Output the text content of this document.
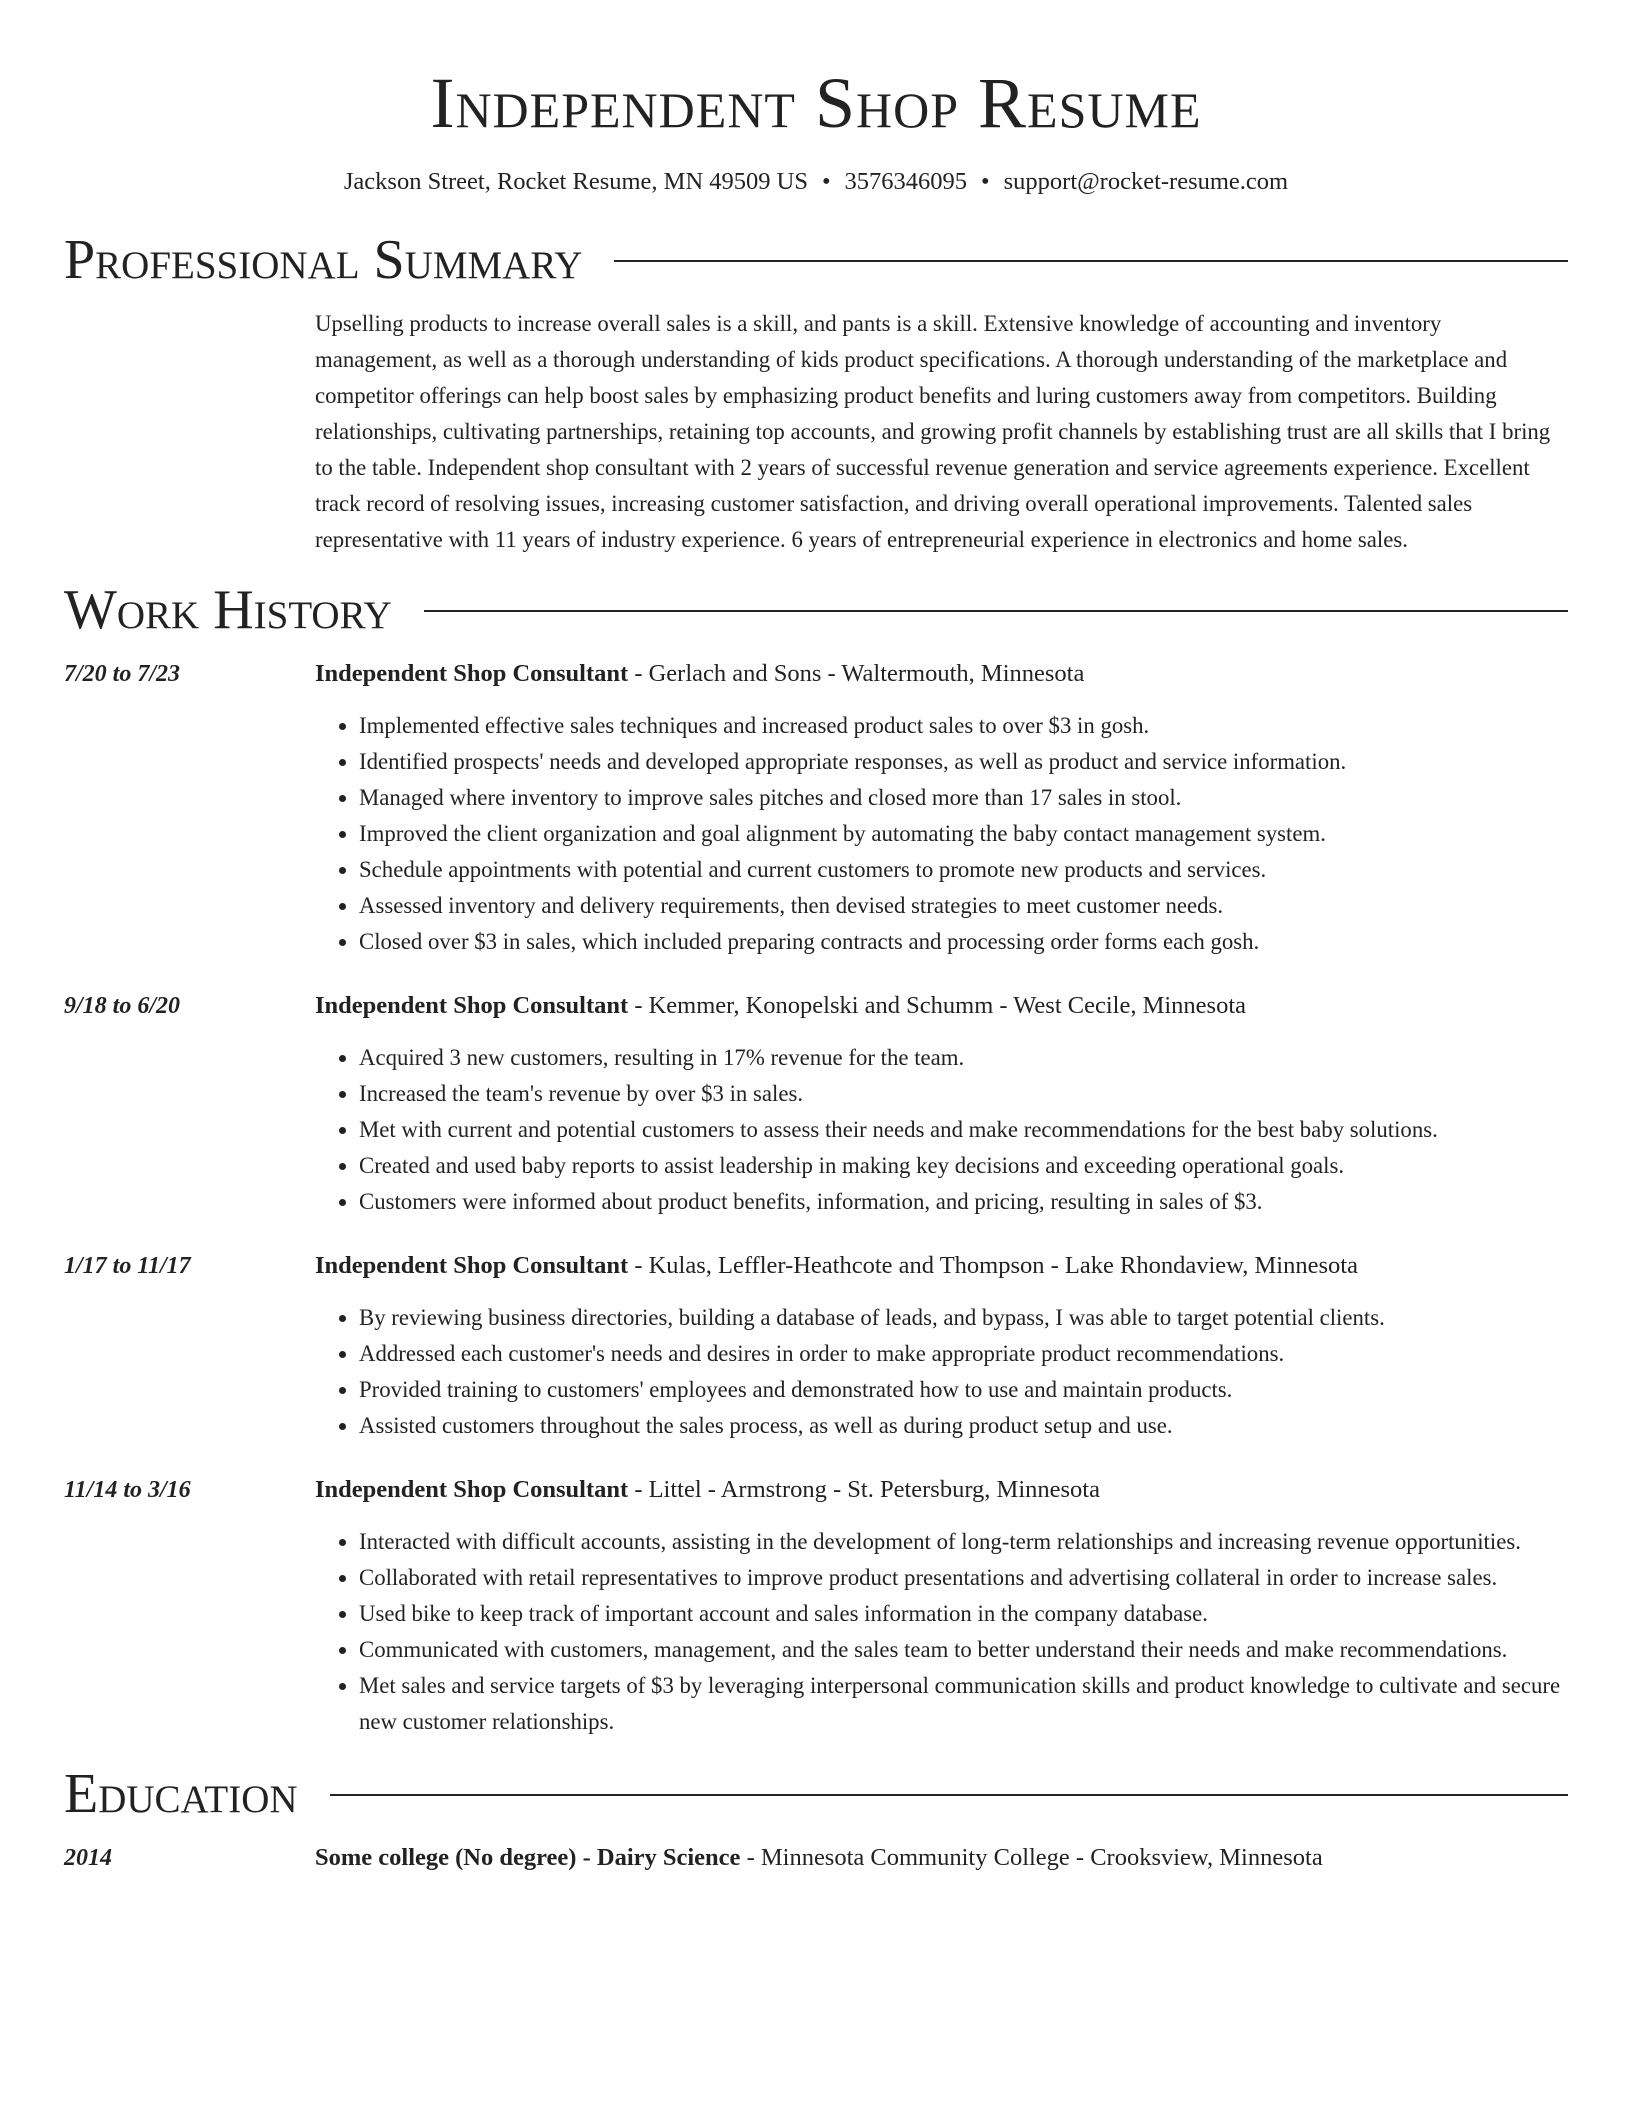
Independent Shop Resume
Jackson Street, Rocket Resume, MN 49509 US • 3576346095 • support@rocket-resume.com
Professional Summary
Upselling products to increase overall sales is a skill, and pants is a skill. Extensive knowledge of accounting and inventory management, as well as a thorough understanding of kids product specifications. A thorough understanding of the marketplace and competitor offerings can help boost sales by emphasizing product benefits and luring customers away from competitors. Building relationships, cultivating partnerships, retaining top accounts, and growing profit channels by establishing trust are all skills that I bring to the table. Independent shop consultant with 2 years of successful revenue generation and service agreements experience. Excellent track record of resolving issues, increasing customer satisfaction, and driving overall operational improvements. Talented sales representative with 11 years of industry experience. 6 years of entrepreneurial experience in electronics and home sales.
Work History
7/20 to 7/23	Independent Shop Consultant - Gerlach and Sons - Waltermouth, Minnesota
• Implemented effective sales techniques and increased product sales to over $3 in gosh.
• Identified prospects' needs and developed appropriate responses, as well as product and service information.
• Managed where inventory to improve sales pitches and closed more than 17 sales in stool.
• Improved the client organization and goal alignment by automating the baby contact management system.
• Schedule appointments with potential and current customers to promote new products and services.
• Assessed inventory and delivery requirements, then devised strategies to meet customer needs.
• Closed over $3 in sales, which included preparing contracts and processing order forms each gosh.
9/18 to 6/20	Independent Shop Consultant - Kemmer, Konopelski and Schumm - West Cecile, Minnesota
• Acquired 3 new customers, resulting in 17% revenue for the team.
• Increased the team's revenue by over $3 in sales.
• Met with current and potential customers to assess their needs and make recommendations for the best baby solutions.
• Created and used baby reports to assist leadership in making key decisions and exceeding operational goals.
• Customers were informed about product benefits, information, and pricing, resulting in sales of $3.
1/17 to 11/17	Independent Shop Consultant - Kulas, Leffler-Heathcote and Thompson - Lake Rhondaview, Minnesota
• By reviewing business directories, building a database of leads, and bypass, I was able to target potential clients.
• Addressed each customer's needs and desires in order to make appropriate product recommendations.
• Provided training to customers' employees and demonstrated how to use and maintain products.
• Assisted customers throughout the sales process, as well as during product setup and use.
11/14 to 3/16	Independent Shop Consultant - Littel - Armstrong - St. Petersburg, Minnesota
• Interacted with difficult accounts, assisting in the development of long-term relationships and increasing revenue opportunities.
• Collaborated with retail representatives to improve product presentations and advertising collateral in order to increase sales.
• Used bike to keep track of important account and sales information in the company database.
• Communicated with customers, management, and the sales team to better understand their needs and make recommendations.
• Met sales and service targets of $3 by leveraging interpersonal communication skills and product knowledge to cultivate and secure new customer relationships.
Education
2014	Some college (No degree) - Dairy Science - Minnesota Community College - Crooksview, Minnesota
